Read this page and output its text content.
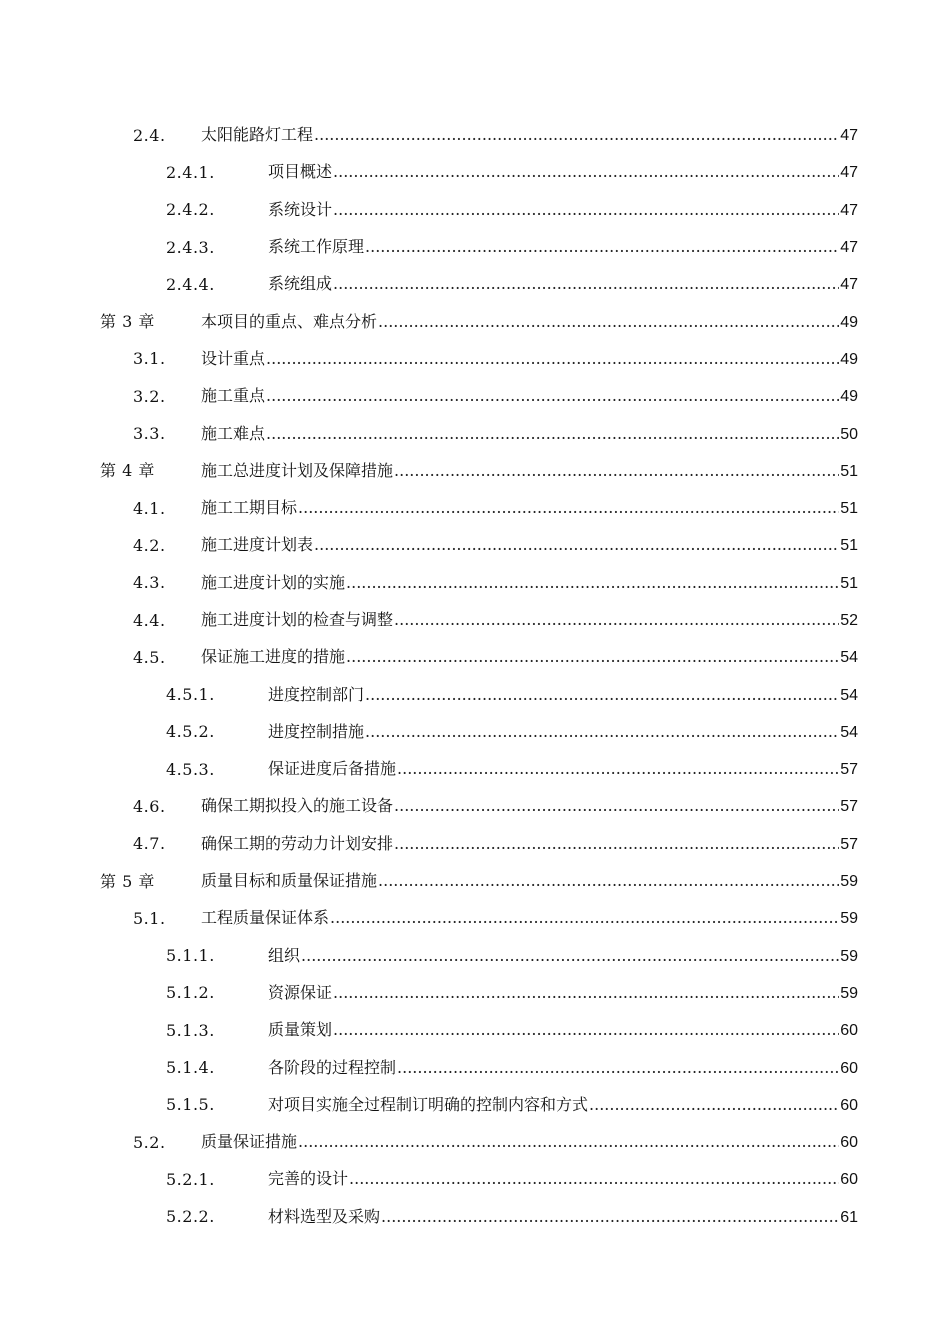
2.4. 太阳能路灯工程 .....	47
2.4.1.	项目概述 .....	47
2.4.2.	系统设计 .....	47
2.4.3.	系统工作原理 .....	47
2.4.4.	系统组成 .....	47
第 3 章	本项目的重点、难点分析 .....	49
3.1. 设计重点 .....	49
3.2. 施工重点 .....	49
3.3. 施工难点 .....	50
第 4 章	施工总进度计划及保障措施 .....	51
4.1. 施工工期目标 .....	51
4.2. 施工进度计划表 .....	51
4.3. 施工进度计划的实施 .....	51
4.4. 施工进度计划的检查与调整 .....	52
4.5. 保证施工进度的措施 .....	54
4.5.1.	进度控制部门 .....	54
4.5.2.	进度控制措施 .....	54
4.5.3.	保证进度后备措施 .....	57
4.6. 确保工期拟投入的施工设备 .....	57
4.7. 确保工期的劳动力计划安排 .....	57
第 5 章	质量目标和质量保证措施 .....	59
5.1. 工程质量保证体系 .....	59
5.1.1.	组织 .....	59
5.1.2.	资源保证 .....	59
5.1.3.	质量策划 .....	60
5.1.4.	各阶段的过程控制 .....	60
5.1.5.	对项目实施全过程制订明确的控制内容和方式 .....	60
5.2. 质量保证措施 .....	60
5.2.1.	完善的设计 .....	60
5.2.2.	材料选型及采购 .....	61
